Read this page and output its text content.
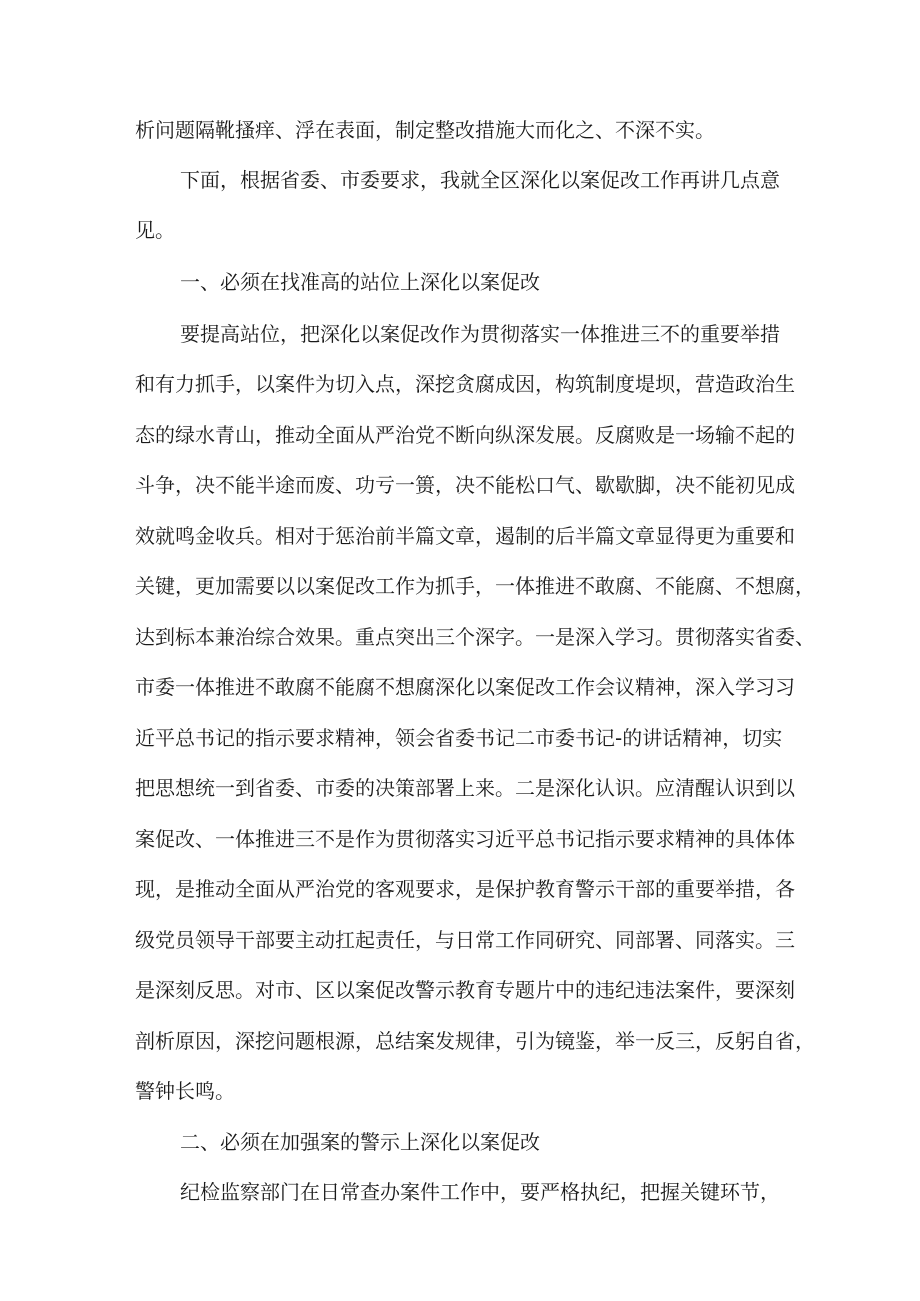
析问题隔靴搔痒、浮在表面，制定整改措施大而化之、不深不实。
下面，根据省委、市委要求，我就全区深化以案促改工作再讲几点意
见。
一、必须在找准高的站位上深化以案促改
要提高站位，把深化以案促改作为贯彻落实一体推进三不的重要举措
和有力抓手，以案件为切入点，深挖贪腐成因，构筑制度堤坝，营造政治生
态的绿水青山，推动全面从严治党不断向纵深发展。反腐败是一场输不起的
斗争，决不能半途而废、功亏一篑，决不能松口气、歇歇脚，决不能初见成
效就鸣金收兵。相对于惩治前半篇文章，遏制的后半篇文章显得更为重要和
关键，更加需要以以案促改工作为抓手，一体推进不敢腐、不能腐、不想腐，
达到标本兼治综合效果。重点突出三个深字。一是深入学习。贯彻落实省委、
市委一体推进不敢腐不能腐不想腐深化以案促改工作会议精神，深入学习习
近平总书记的指示要求精神，领会省委书记二市委书记-的讲话精神，切实
把思想统一到省委、市委的决策部署上来。二是深化认识。应清醒认识到以
案促改、一体推进三不是作为贯彻落实习近平总书记指示要求精神的具体体
现，是推动全面从严治党的客观要求，是保护教育警示干部的重要举措，各
级党员领导干部要主动扛起责任，与日常工作同研究、同部署、同落实。三
是深刻反思。对市、区以案促改警示教育专题片中的违纪违法案件，要深刻
剖析原因，深挖问题根源，总结案发规律，引为镜鉴，举一反三，反躬自省，
警钟长鸣。
二、必须在加强案的警示上深化以案促改
纪检监察部门在日常查办案件工作中，要严格执纪，把握关键环节，
